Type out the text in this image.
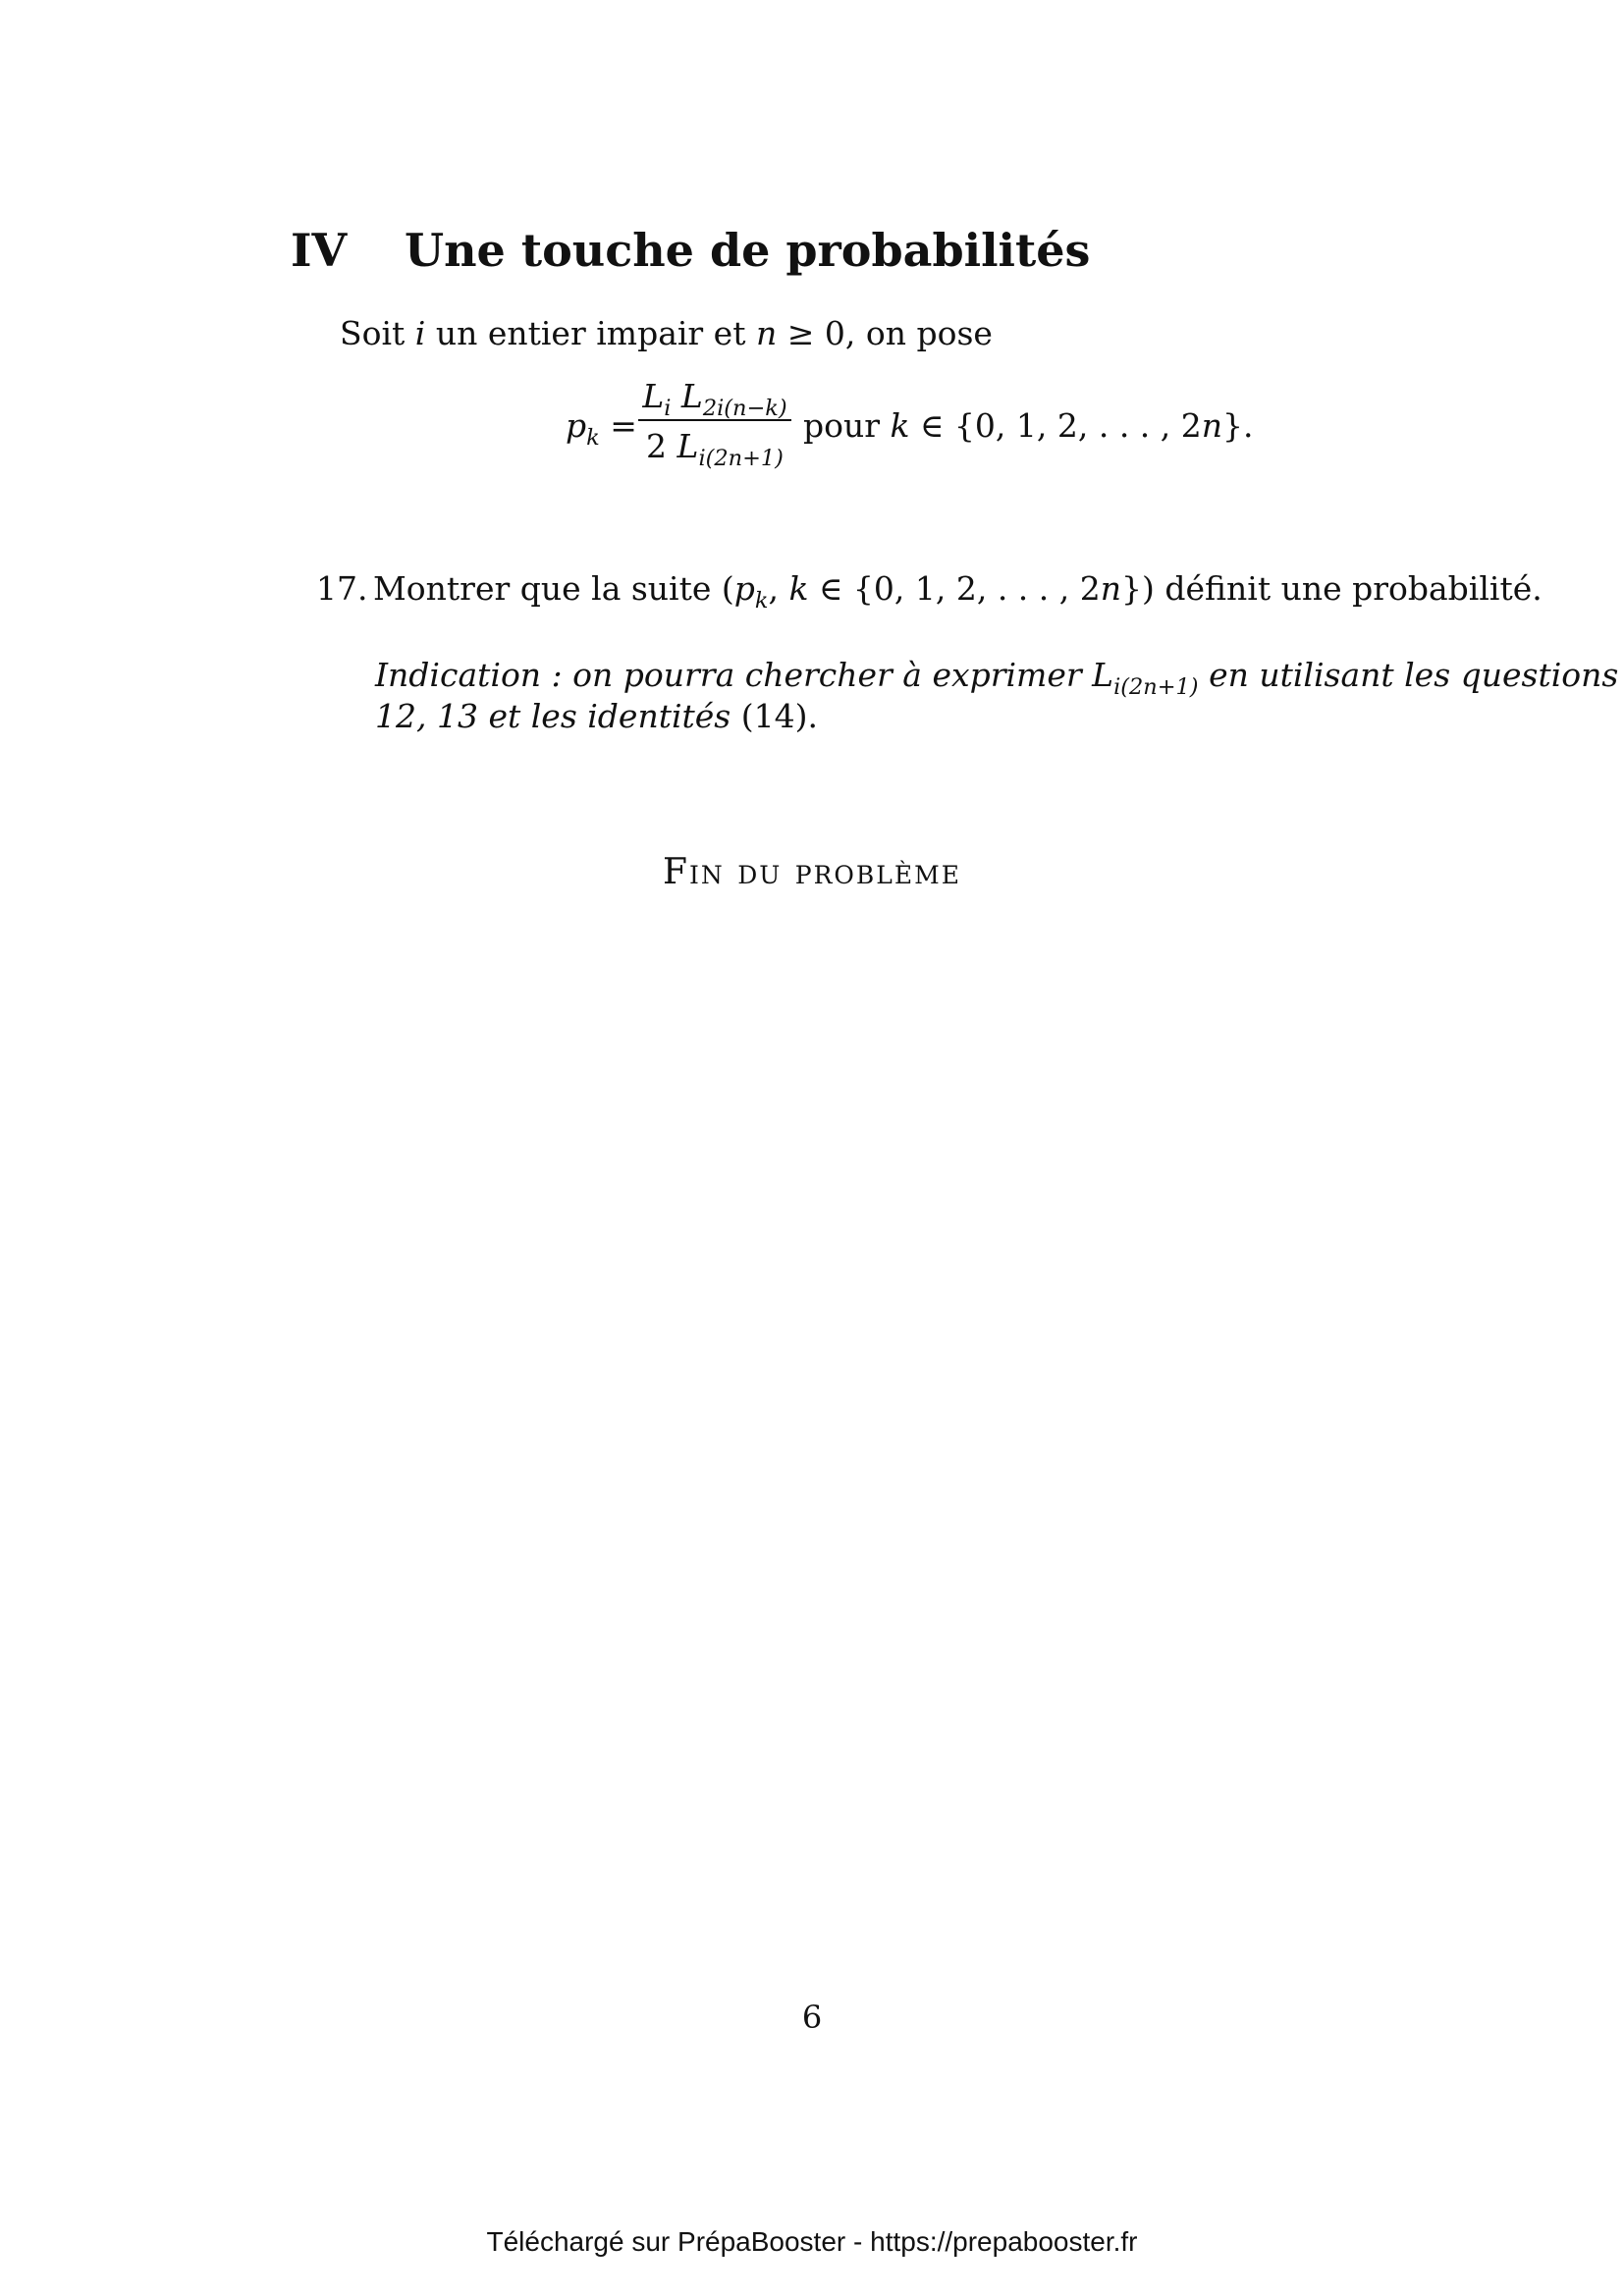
IV Une touche de probabilités
Soit i un entier impair et n ≥ 0, on pose
$p_k$ =
$L_i$ $L_{2i(n-k)}$
2 $L_{i(2n+1)}$
pour k ∈ {0, 1, 2, . . . , 2n}.
17. Montrer que la suite ($p_k$, k ∈ {0, 1, 2, . . . , 2n}) définit une probabilité.
Indication : on pourra chercher à exprimer $L_{i(2n+1)}$ en utilisant les questions
12, 13 et les identités (14).
Fin du problème
6
Téléchargé sur PrépaBooster - https://prepabooster.fr
